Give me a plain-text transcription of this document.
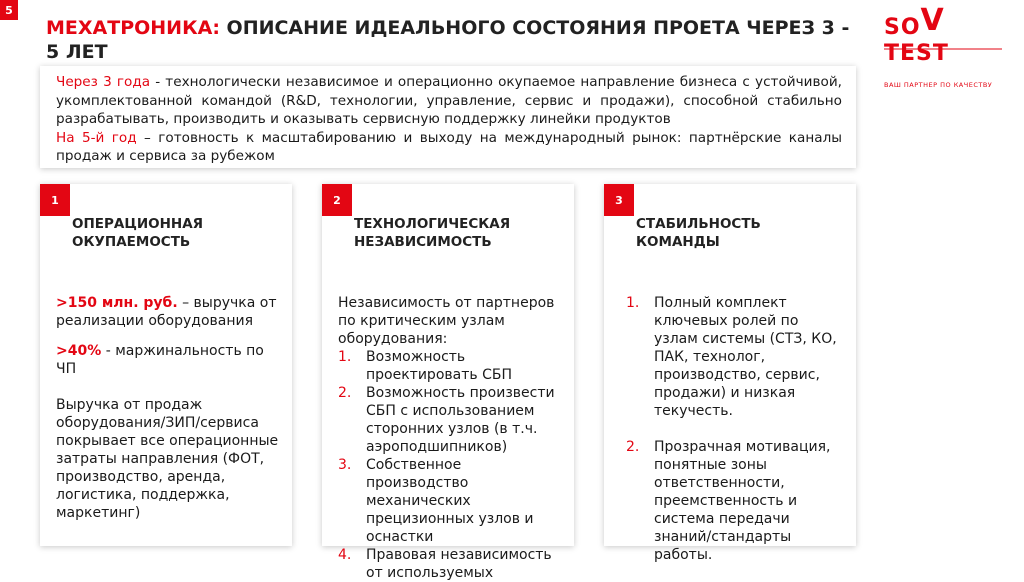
5
МЕХАТРОНИКА: ОПИСАНИЕ ИДЕАЛЬНОГО СОСТОЯНИЯ ПРОЕТА ЧЕРЕЗ 3 - 5 ЛЕТ
SOVTEST
ВАШ ПАРТНЕР ПО КАЧЕСТВУ

Через 3 года - технологически независимое и операционно окупаемое направление бизнеса с устойчивой, укомплектованной командой (R&D, технологии, управление, сервис и продажи), способной стабильно разрабатывать, производить и оказывать сервисную поддержку линейки продуктов

На 5-й год – готовность к масштабированию и выходу на международный рынок: партнёрские каналы продаж и сервиса за рубежом

1
ОПЕРАЦИОННАЯ ОКУПАЕМОСТЬ

>150 млн. руб. – выручка от реализации оборудования

>40% - маржинальность по ЧП

Выручка от продаж оборудования/ЗИП/сервиса покрывает все операционные затраты направления (ФОТ, производство, аренда, логистика, поддержка, маркетинг)

2
ТЕХНОЛОГИЧЕСКАЯ НЕЗАВИСИМОСТЬ

Независимость от партнеров по критическим узлам оборудования:

1. Возможность проектировать СБП
2. Возможность произвести СБП с использованием сторонних узлов (в т.ч. аэроподшипников)
3. Собственное производство механических прецизионных узлов и оснастки
4. Правовая независимость от используемых
3
СТАБИЛЬНОСТЬ КОМАНДЫ
1. Полный комплект ключевых ролей по узлам системы (СТЗ, КО, ПАК, технолог, производство, сервис, продажи) и низкая текучесть.
2. Прозрачная мотивация, понятные зоны ответственности, преемственность и система передачи знаний/стандарты работы.
